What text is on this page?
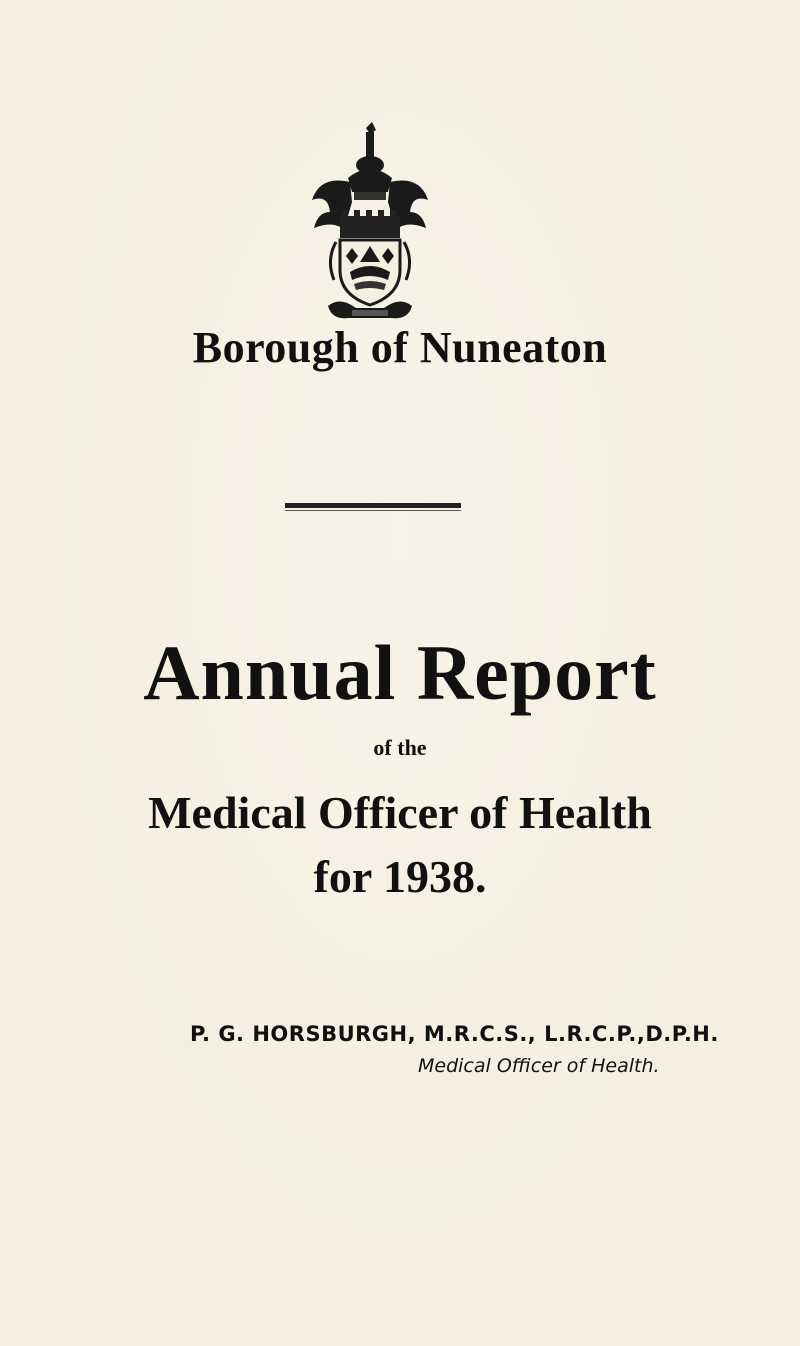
Borough of Nuneaton
Annual Report
of the
Medical Officer of Health
for 1938.
P. G. HORSBURGH, M.R.C.S., L.R.C.P.,D.P.H.
Medical Officer of Health.
